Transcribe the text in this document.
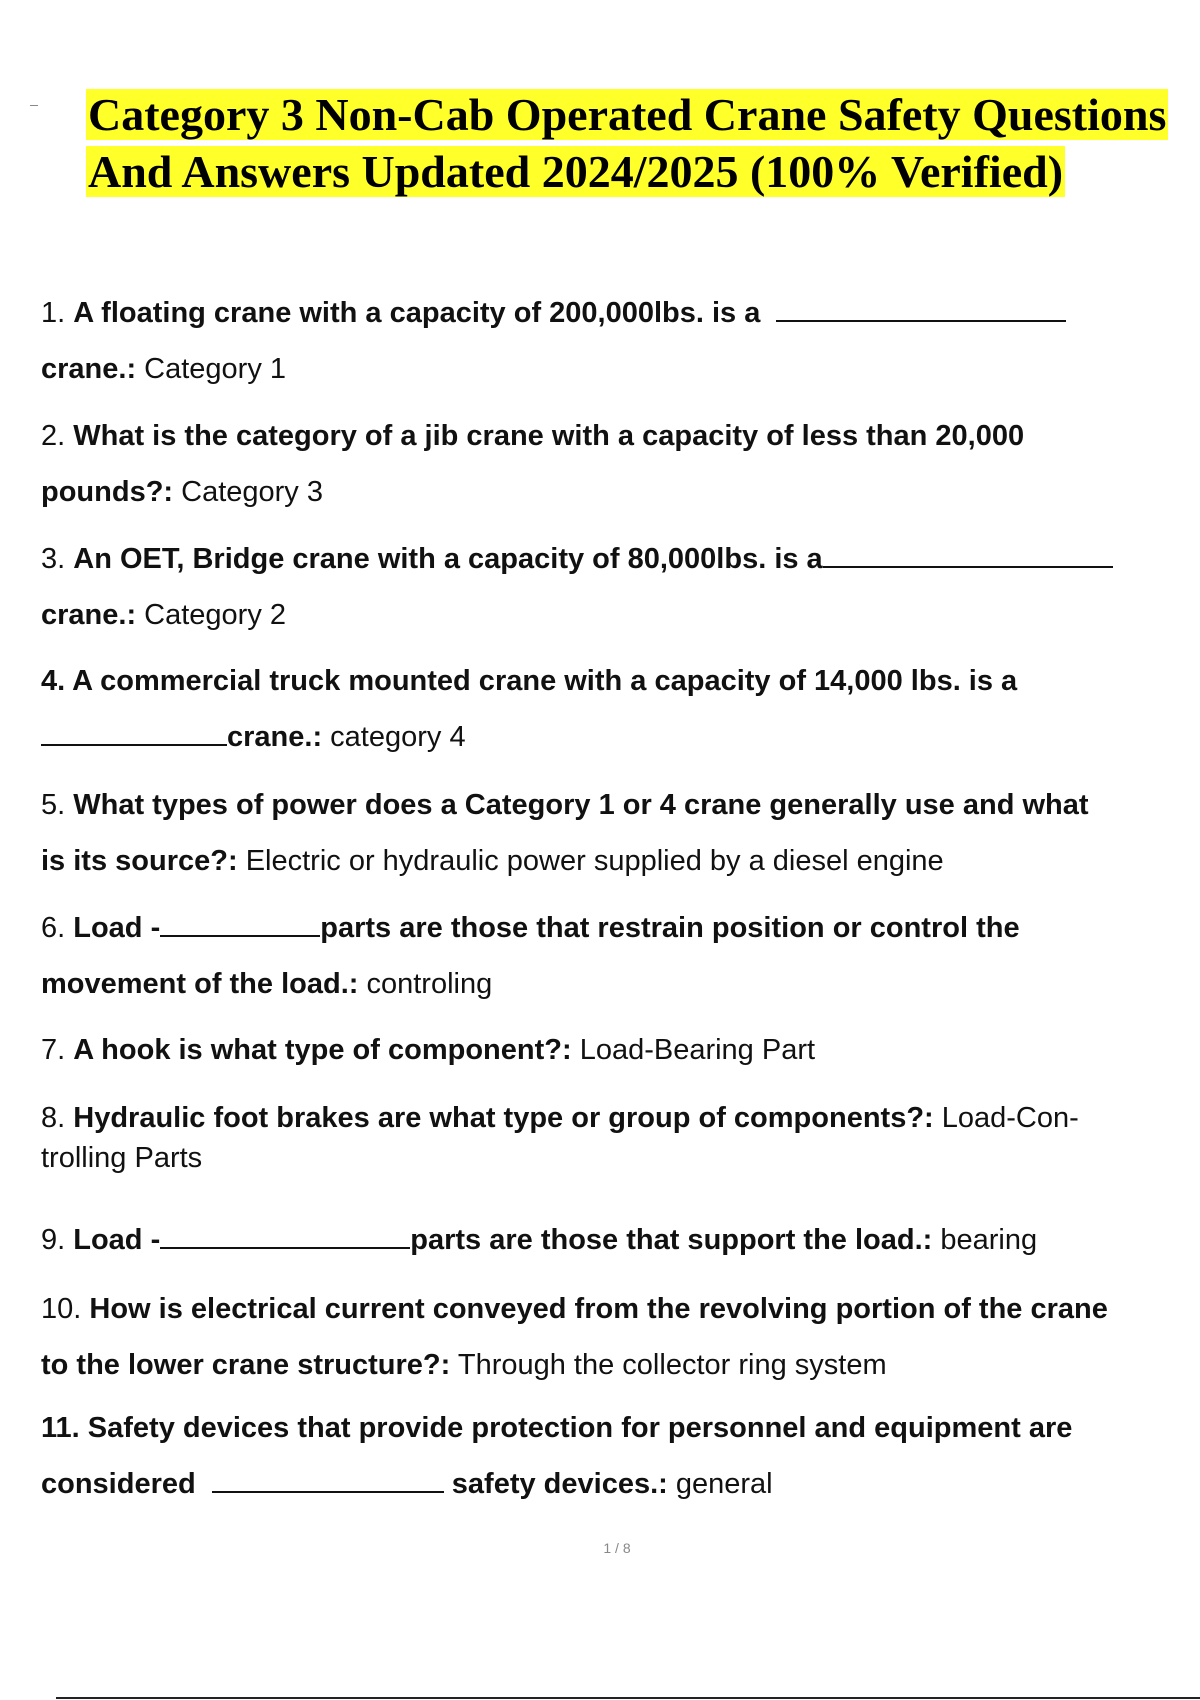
Category 3 Non-Cab Operated Crane Safety Questions And Answers Updated 2024/2025 (100% Verified)

1. A floating crane with a capacity of 200,000lbs. is a
crane.: Category 1

2. What is the category of a jib crane with a capacity of less than 20,000
pounds?: Category 3

3. An OET, Bridge crane with a capacity of 80,000lbs. is a
crane.: Category 2

4. A commercial truck mounted crane with a capacity of 14,000 lbs. is a
crane.: category 4

5. What types of power does a Category 1 or 4 crane generally use and what
is its source?: Electric or hydraulic power supplied by a diesel engine

6. Load -	parts are those that restrain position or control the
movement of the load.: controling

7. A hook is what type of component?: Load-Bearing Part

8. Hydraulic foot brakes are what type or group of components?: Load-Con-
trolling Parts

9. Load -	parts are those that support the load.: bearing

10. How is electrical current conveyed from the revolving portion of the crane
to the lower crane structure?: Through the collector ring system

11. Safety devices that provide protection for personnel and equipment are
considered	safety devices.: general

1 / 8
